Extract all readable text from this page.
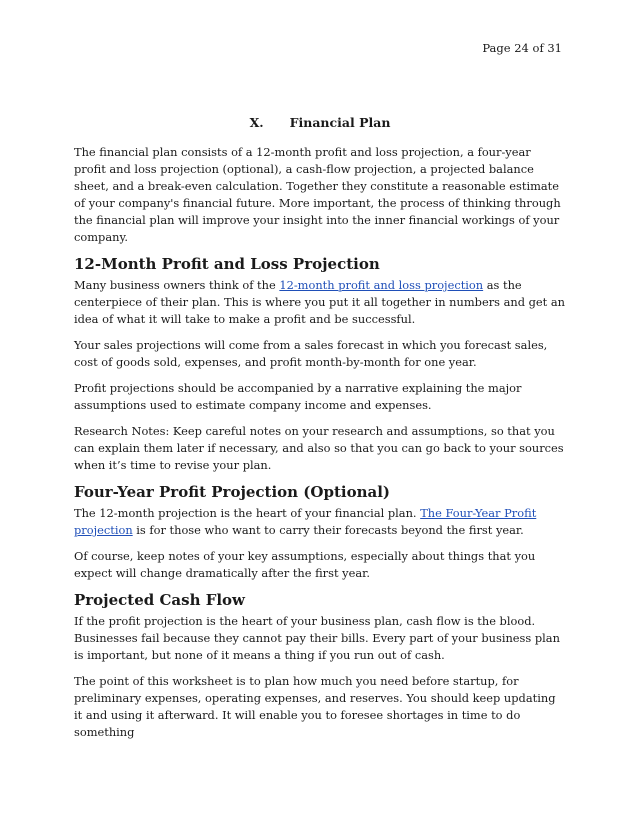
Page 24 of 31
X. Financial Plan

The financial plan consists of a 12-month profit and loss projection, a four-year profit and loss projection (optional), a cash-flow projection, a projected balance sheet, and a break-even calculation. Together they constitute a reasonable estimate of your company's financial future. More important, the process of thinking through the financial plan will improve your insight into the inner financial workings of your company.

12-Month Profit and Loss Projection

Many business owners think of the 12-month profit and loss projection as the centerpiece of their plan. This is where you put it all together in numbers and get an idea of what it will take to make a profit and be successful.

Your sales projections will come from a sales forecast in which you forecast sales, cost of goods sold, expenses, and profit month-by-month for one year.

Profit projections should be accompanied by a narrative explaining the major assumptions used to estimate company income and expenses.

Research Notes: Keep careful notes on your research and assumptions, so that you can explain them later if necessary, and also so that you can go back to your sources when it’s time to revise your plan.

Four-Year Profit Projection (Optional)

The 12-month projection is the heart of your financial plan. The Four-Year Profit projection is for those who want to carry their forecasts beyond the first year.

Of course, keep notes of your key assumptions, especially about things that you expect will change dramatically after the first year.

Projected Cash Flow

If the profit projection is the heart of your business plan, cash flow is the blood. Businesses fail because they cannot pay their bills. Every part of your business plan is important, but none of it means a thing if you run out of cash.

The point of this worksheet is to plan how much you need before startup, for preliminary expenses, operating expenses, and reserves. You should keep updating it and using it afterward. It will enable you to foresee shortages in time to do something
